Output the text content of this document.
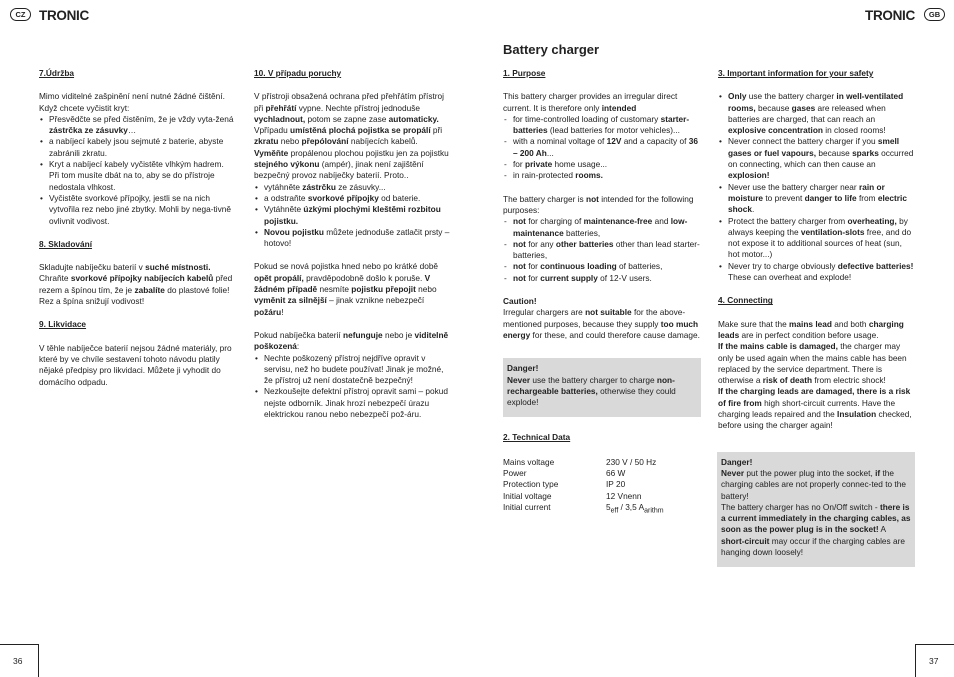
CZ	TRONIC	TRONIC	GB
Battery charger
7.Údržba
Mimo viditelné zašpinění není nutné žádné čištění. Když chcete vyčistit kryt:
• Přesvědčte se před čistěním, že je vždy vyta-žená zástrčka ze zásuvky…
• a nabíjecí kabely jsou sejmuté z baterie, abyste zabránili zkratu.
• Kryt a nabíjecí kabely vyčistěte vlhkým hadrem. Při tom musíte dbát na to, aby se do přístroje nedostala vlhkost.
• Vyčistěte svorkové přípojky, jestli se na nich vytvořila rez nebo jiné zbytky. Mohli by nega-tivně ovlivnit vodivost.
8. Skladování
Skladujte nabíječku baterií v suché místnosti. Chraňte svorkové přípojky nabíjecích kabelů před rezem a špínou tím, že je zabalíte do plastové folie! Rez a špína snižují vodivost!
9. Likvidace
V těhle nabíječce baterií nejsou žádné materiály, pro které by ve chvíle sestavení tohoto návodu platily nějaké předpisy pro likvidaci. Můžete ji vyhodit do domácího odpadu.
10. V případu poruchy
V přístroji obsažená ochrana před přehřátím přístroj při přehřátí vypne. Nechte přístroj jednoduše vychladnout, potom se zapne zase automaticky. Vpřípadu umístěná plochá pojistka se propálí při zkratu nebo přepólování nabíjecích kabelů.
Vyměňte propálenou plochou pojistku jen za pojistku stejného výkonu (ampér), jinak není zajištění bezpečný provoz nabíječky baterií. Proto..
• vytáhněte zástrčku ze zásuvky...
• a odstraňte svorkové přípojky od baterie.
• Vytáhněte úzkými plochými kleštěmi rozbitou pojistku.
• Novou pojistku můžete jednoduše zatlačit prsty – hotovo!
Pokud se nová pojistka hned nebo po krátké době opět propálí, pravděpodobně došlo k poruše. V žádném případě nesmíte pojistku přepojit nebo vyměnit za silnější – jinak vznikne nebezpečí požáru!
Pokud nabíječka baterií nefunguje nebo je viditelně poškozená:
• Nechte poškozený přístroj nejdříve opravit v servisu, než ho budete používat! Jinak je možné, že přístroj už není dostatečně bezpečný!
• Nezkoušejte defektní přístroj opravit sami – pokud nejste odborník. Jinak hrozí nebezpečí úrazu elektrickou ranou nebo nebezpečí pož-áru.
1. Purpose
This battery charger provides an irregular direct current. It is therefore only intended
- for time-controlled loading of customary starter-batteries (lead batteries for motor vehicles)...
- with a nominal voltage of 12V and a capacity of 36 – 200 Ah...
- for private home usage...
- in rain-protected rooms.
The battery charger is not intended for the following purposes:
- not for charging of maintenance-free and low-maintenance batteries,
- not for any other batteries other than lead starter-batteries,
- not for continuous loading of batteries,
- not for current supply of 12-V users.
Caution!
Irregular chargers are not suitable for the above-mentioned purposes, because they supply too much energy for these, and could therefore cause damage.
Danger!
Never use the battery charger to charge non-rechargeable batteries, otherwise they could explode!
2. Technical Data
Mains voltage	230 V / 50 Hz
Power	66 W
Protection type	IP 20
Initial voltage	12 Vnenn
Initial current	$5_{eff} / 3,5$ $A_{arithm}$
3. Important information for your safety
• Only use the battery charger in well-ventilated rooms, because gases are released when batteries are charged, that can reach an explosive concentration in closed rooms!
• Never connect the battery charger if you smell gases or fuel vapours, because sparks occurred on connecting, which can then cause an explosion!
• Never use the battery charger near rain or moisture to prevent danger to life from electric shock.
• Protect the battery charger from overheating, by always keeping the ventilation-slots free, and do not expose it to additional sources of heat (sun, hot motor...)
• Never try to charge obviously defective batteries! These can overheat and explode!
4. Connecting
Make sure that the mains lead and both charging leads are in perfect condition before usage.
If the mains cable is damaged, the charger may only be used again when the mains cable has been replaced by the service department. There is otherwise a risk of death from electric shock!
If the charging leads are damaged, there is a risk of fire from high short-circuit currents. Have the charging leads repaired and the Insulation checked, before using the charger again!
Danger!
Never put the power plug into the socket, if the charging cables are not properly connec-ted to the battery!
The battery charger has no On/Off switch - there is a current immediately in the charging cables, as soon as the power plug is in the socket! A short-circuit may occur if the charging cables are hanging down loosely!
36	37
